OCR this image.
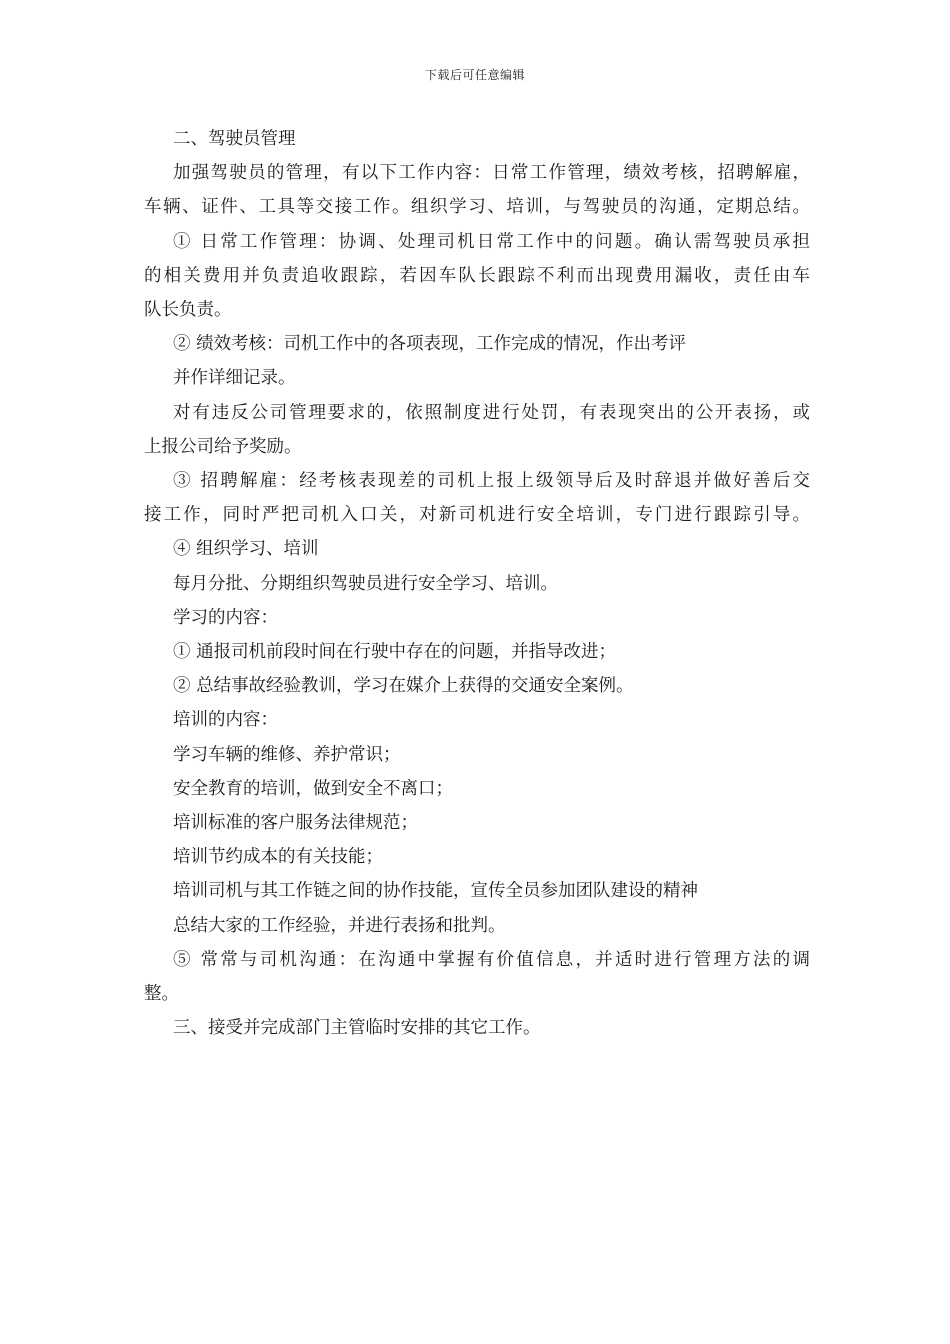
下载后可任意编辑

二、驾驶员管理

加强驾驶员的管理，有以下工作内容：日常工作管理，绩效考核，招聘解雇，

车辆、证件、工具等交接工作。组织学习、培训，与驾驶员的沟通，定期总结。

① 日常工作管理：协调、处理司机日常工作中的问题。确认需驾驶员承担

的相关费用并负责追收跟踪，若因车队长跟踪不利而出现费用漏收，责任由车

队长负责。

② 绩效考核：司机工作中的各项表现，工作完成的情况，作出考评

并作详细记录。

对有违反公司管理要求的，依照制度进行处罚，有表现突出的公开表扬，或

上报公司给予奖励。

③ 招聘解雇：经考核表现差的司机上报上级领导后及时辞退并做好善后交

接工作，同时严把司机入口关，对新司机进行安全培训，专门进行跟踪引导。

④ 组织学习、培训

每月分批、分期组织驾驶员进行安全学习、培训。

学习的内容：

① 通报司机前段时间在行驶中存在的问题，并指导改进；

② 总结事故经验教训，学习在媒介上获得的交通安全案例。

培训的内容：

学习车辆的维修、养护常识；

安全教育的培训，做到安全不离口；

培训标准的客户服务法律规范；

培训节约成本的有关技能；

培训司机与其工作链之间的协作技能，宣传全员参加团队建设的精神

总结大家的工作经验，并进行表扬和批判。

⑤ 常常与司机沟通：在沟通中掌握有价值信息，并适时进行管理方法的调

整。

三、接受并完成部门主管临时安排的其它工作。
